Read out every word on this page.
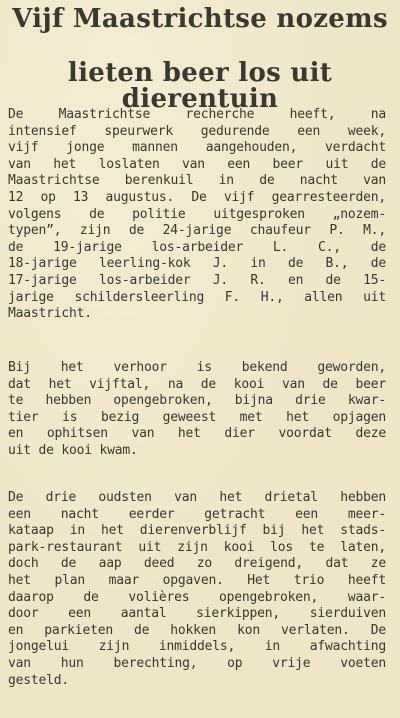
Vijf Maastrichtse nozems
lieten beer los uit dierentuin

De Maastrichtse recherche heeft, na
intensief speurwerk gedurende een week,
vijf jonge mannen aangehouden, verdacht
van het loslaten van een beer uit de
Maastrichtse berenkuil in de nacht van
12 op 13 augustus. De vijf gearresteerden,
volgens de politie uitgesproken „nozem-
typen”, zijn de 24-jarige chaufeur P. M.,
de 19-jarige los-arbeider L. C., de
18-jarige leerling-kok J. in de B., de
17-jarige los-arbeider J. R. en de 15-
jarige schildersleerling F. H., allen uit
Maastricht.

Bij het verhoor is bekend geworden,
dat het vijftal, na de kooi van de beer
te hebben opengebroken, bijna drie kwar-
tier is bezig geweest met het opjagen
en ophitsen van het dier voordat deze
uit de kooi kwam.

De drie oudsten van het drietal hebben
een nacht eerder getracht een meer-
kataap in het dierenverblijf bij het stads-
park-restaurant uit zijn kooi los te laten,
doch de aap deed zo dreigend, dat ze
het plan maar opgaven. Het trio heeft
daarop de volières opengebroken, waar-
door een aantal sierkippen, sierduiven
en parkieten de hokken kon verlaten. De
jongelui zijn inmiddels, in afwachting
van hun berechting, op vrije voeten
gesteld.
